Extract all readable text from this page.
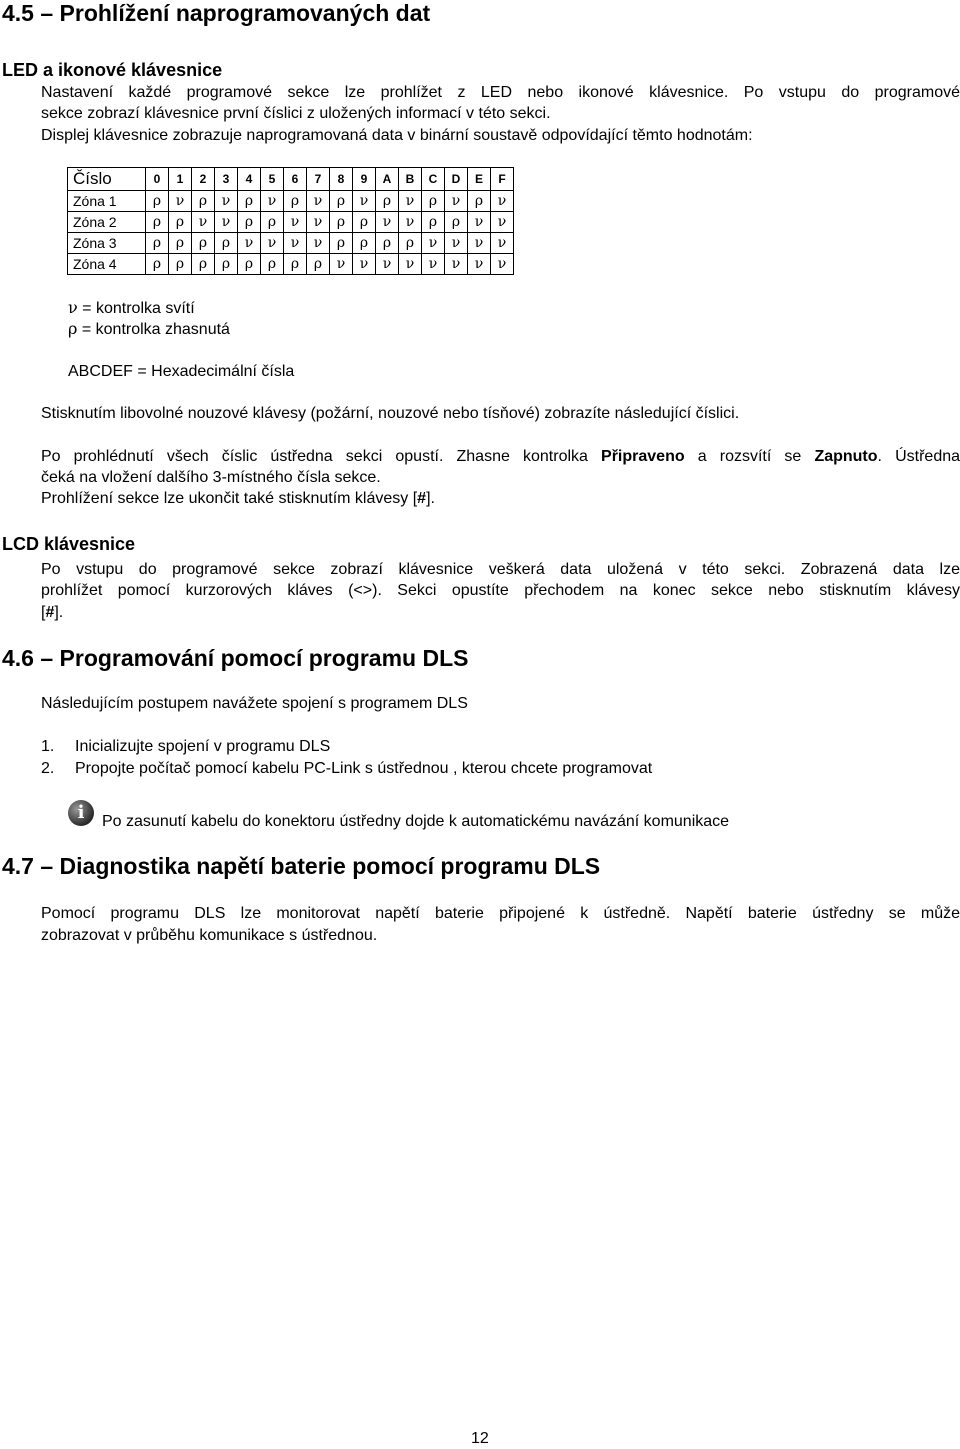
4.5 – Prohlížení naprogramovaných dat
LED a ikonové klávesnice
Nastavení každé programové sekce lze prohlížet z LED nebo ikonové klávesnice. Po vstupu do programové
sekce zobrazí klávesnice první číslici z uložených informací v této sekci.
Displej klávesnice zobrazuje naprogramovaná data v binární soustavě odpovídající těmto hodnotám:
Číslo	0	1	2	3	4	5	6	7	8	9	A	B	C	D	E	F
Zóna 1	ρ	ν	ρ	ν	ρ	ν	ρ	ν	ρ	ν	ρ	ν	ρ	ν	ρ	ν
Zóna 2	ρ	ρ	ν	ν	ρ	ρ	ν	ν	ρ	ρ	ν	ν	ρ	ρ	ν	ν
Zóna 3	ρ	ρ	ρ	ρ	ν	ν	ν	ν	ρ	ρ	ρ	ρ	ν	ν	ν	ν
Zóna 4	ρ	ρ	ρ	ρ	ρ	ρ	ρ	ρ	ν	ν	ν	ν	ν	ν	ν	ν
ν = kontrolka svítí
ρ = kontrolka zhasnutá
ABCDEF = Hexadecimální čísla
Stisknutím libovolné nouzové klávesy (požární, nouzové nebo tísňové) zobrazíte následující číslici.
Po prohlédnutí všech číslic ústředna sekci opustí. Zhasne kontrolka Připraveno a rozsvítí se Zapnuto. Ústředna
čeká na vložení dalšího 3-místného čísla sekce.
Prohlížení sekce lze ukončit také stisknutím klávesy [#].
LCD klávesnice
Po vstupu do programové sekce zobrazí klávesnice veškerá data uložená v této sekci. Zobrazená data lze
prohlížet pomocí kurzorových kláves (<>). Sekci opustíte přechodem na konec sekce nebo stisknutím klávesy
[#].
4.6 – Programování pomocí programu DLS
Následujícím postupem navážete spojení s programem DLS
1. Inicializujte spojení v programu DLS
2. Propojte počítač pomocí kabelu PC-Link s ústřednou , kterou chcete programovat
i	Po zasunutí kabelu do konektoru ústředny dojde k automatickému navázání komunikace
4.7 – Diagnostika napětí baterie pomocí programu DLS
Pomocí programu DLS lze monitorovat napětí baterie připojené k ústředně. Napětí baterie ústředny se může
zobrazovat v průběhu komunikace s ústřednou.
12
